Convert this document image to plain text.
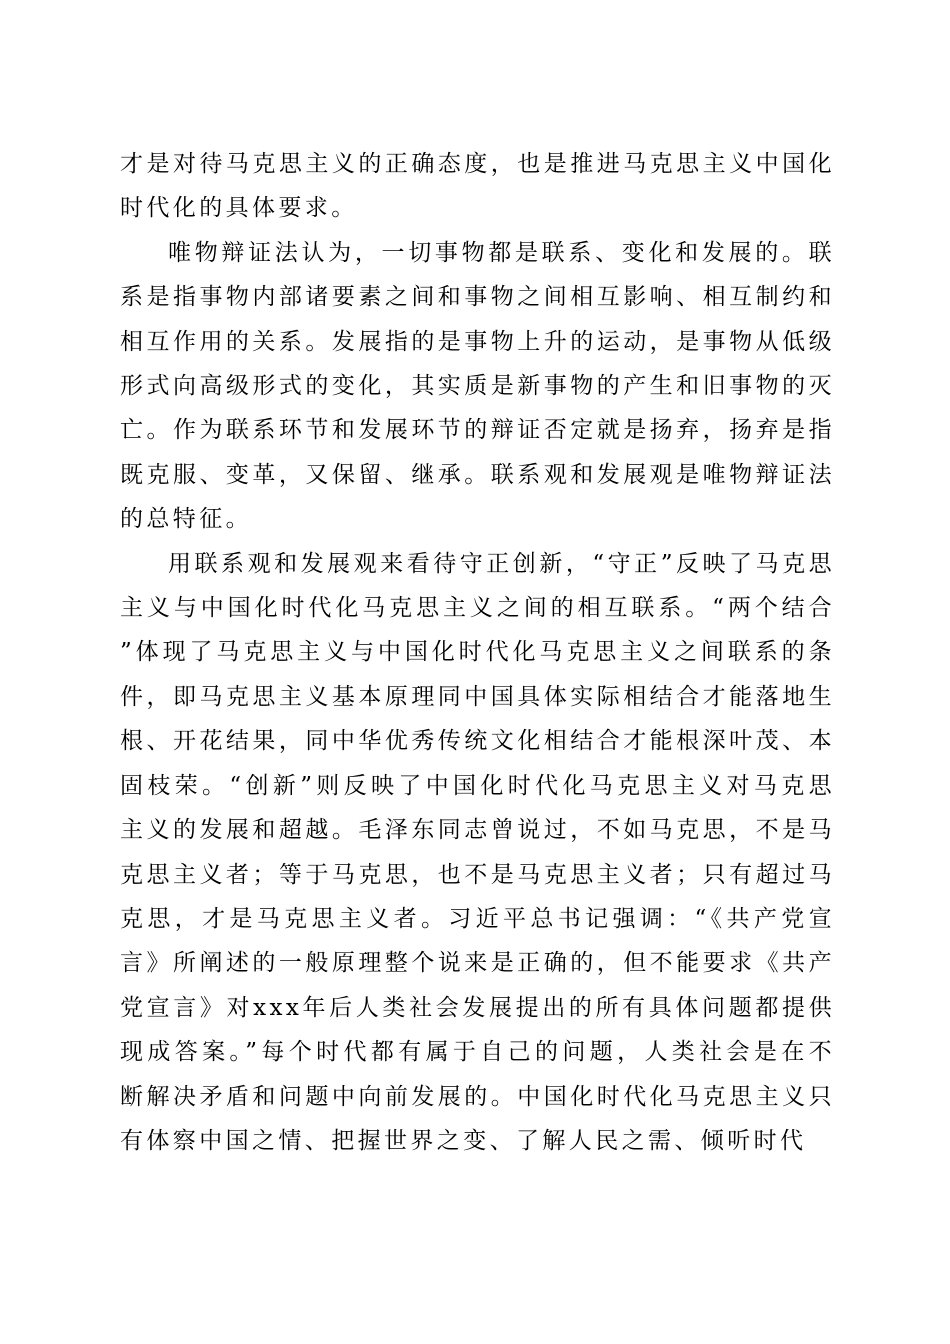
才是对待马克思主义的正确态度，也是推进马克思主义中国化时代化的具体要求。

唯物辩证法认为，一切事物都是联系、变化和发展的。联系是指事物内部诸要素之间和事物之间相互影响、相互制约和相互作用的关系。发展指的是事物上升的运动，是事物从低级形式向高级形式的变化，其实质是新事物的产生和旧事物的灭亡。作为联系环节和发展环节的辩证否定就是扬弃，扬弃是指既克服、变革，又保留、继承。联系观和发展观是唯物辩证法的总特征。

用联系观和发展观来看待守正创新，“守正”反映了马克思主义与中国化时代化马克思主义之间的相互联系。“两个结合”体现了马克思主义与中国化时代化马克思主义之间联系的条件，即马克思主义基本原理同中国具体实际相结合才能落地生根、开花结果，同中华优秀传统文化相结合才能根深叶茂、本固枝荣。“创新”则反映了中国化时代化马克思主义对马克思主义的发展和超越。毛泽东同志曾说过，不如马克思，不是马克思主义者；等于马克思，也不是马克思主义者；只有超过马克思，才是马克思主义者。习近平总书记强调：“《共产党宣言》所阐述的一般原理整个说来是正确的，但不能要求《共产党宣言》对xxx年后人类社会发展提出的所有具体问题都提供现成答案。”每个时代都有属于自己的问题，人类社会是在不断解决矛盾和问题中向前发展的。中国化时代化马克思主义只有体察中国之情、把握世界之变、了解人民之需、倾听时代
